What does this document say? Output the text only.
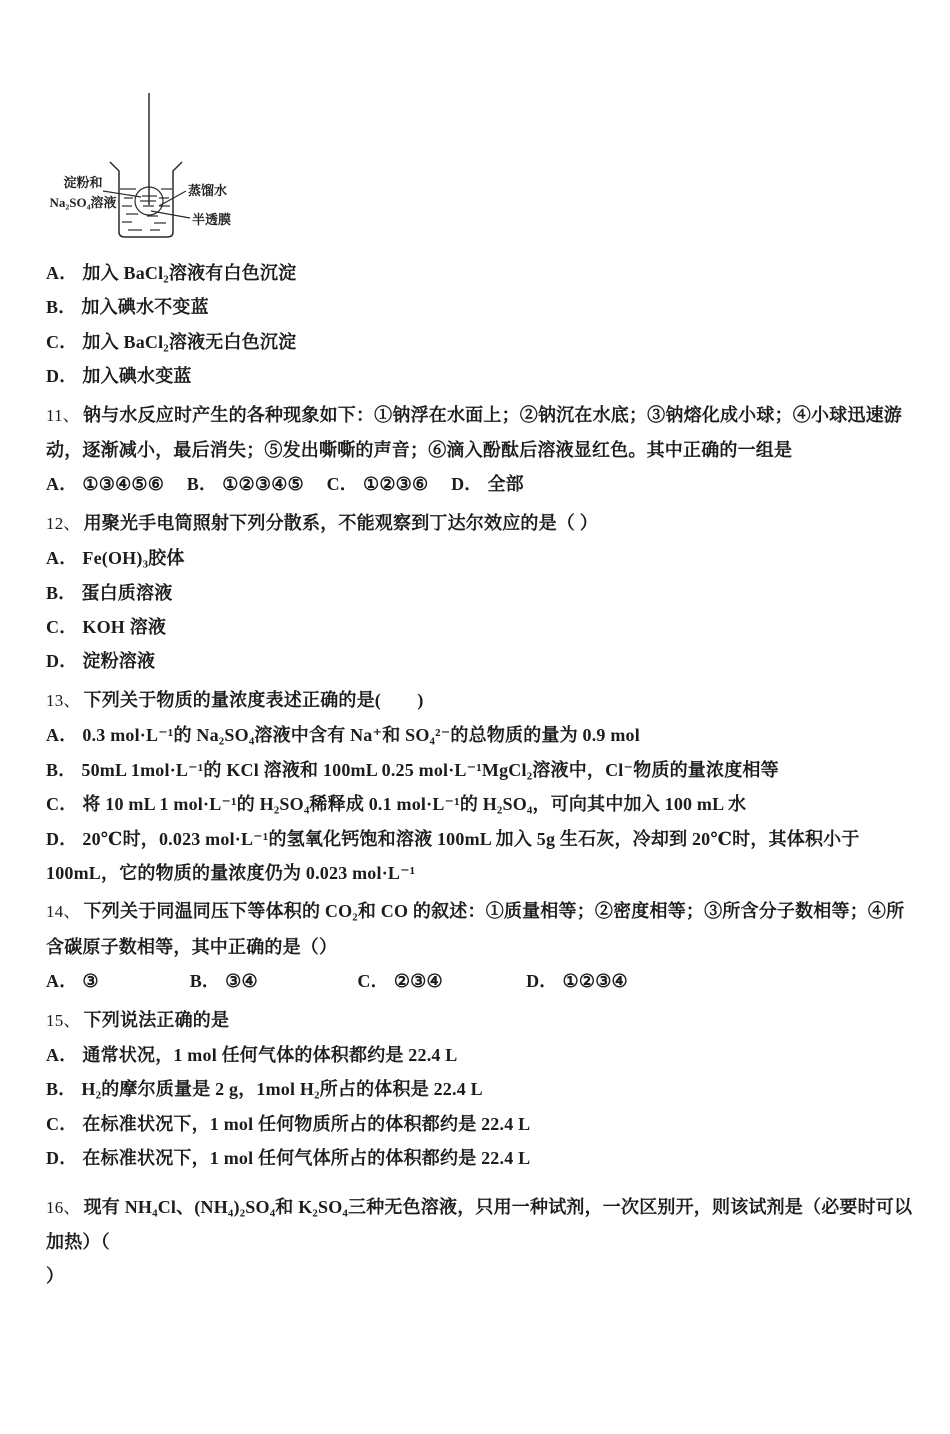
淀粉和
Na₂SO₄溶液
蒸馏水
半透膜

A． 加入 BaCl₂溶液有白色沉淀

B． 加入碘水不变蓝

C． 加入 BaCl₂溶液无白色沉淀

D． 加入碘水变蓝

11、 钠与水反应时产生的各种现象如下：①钠浮在水面上；②钠沉在水底；③钠熔化成小球；④小球迅速游动，逐渐减小，最后消失；⑤发出嘶嘶的声音；⑥滴入酚酞后溶液显红色。其中正确的一组是

A． ①③④⑤⑥ B． ①②③④⑤ C． ①②③⑥ D． 全部

12、 用聚光手电筒照射下列分散系，不能观察到丁达尔效应的是（ ）

A． Fe(OH)₃胶体

B． 蛋白质溶液

C． KOH 溶液

D． 淀粉溶液

13、 下列关于物质的量浓度表述正确的是(　　)

A． 0.3 mol·L⁻¹的 Na₂SO₄溶液中含有 Na⁺和 SO₄²⁻的总物质的量为 0.9 mol

B． 50mL 1mol·L⁻¹的 KCl 溶液和 100mL 0.25 mol·L⁻¹MgCl₂溶液中，Cl⁻物质的量浓度相等

C． 将 10 mL 1 mol·L⁻¹的 H₂SO₄稀释成 0.1 mol·L⁻¹的 H₂SO₄，可向其中加入 100 mL 水

D． 20℃时，0.023 mol·L⁻¹的氢氧化钙饱和溶液 100mL 加入 5g 生石灰，冷却到 20℃时，其体积小于 100mL，它的物质的量浓度仍为 0.023 mol·L⁻¹

14、 下列关于同温同压下等体积的 CO₂和 CO 的叙述：①质量相等；②密度相等；③所含分子数相等；④所含碳原子数相等，其中正确的是（）

A． ③	B． ③④	C． ②③④	D． ①②③④

15、 下列说法正确的是

A． 通常状况，1 mol 任何气体的体积都约是 22.4 L

B． H₂的摩尔质量是 2 g，1mol H₂所占的体积是 22.4 L

C． 在标准状况下，1 mol 任何物质所占的体积都约是 22.4 L

D． 在标准状况下，1 mol 任何气体所占的体积都约是 22.4 L

16、 现有 NH₄Cl、(NH₄)₂SO₄和 K₂SO₄三种无色溶液，只用一种试剂，一次区别开，则该试剂是（必要时可以加热）（

）
